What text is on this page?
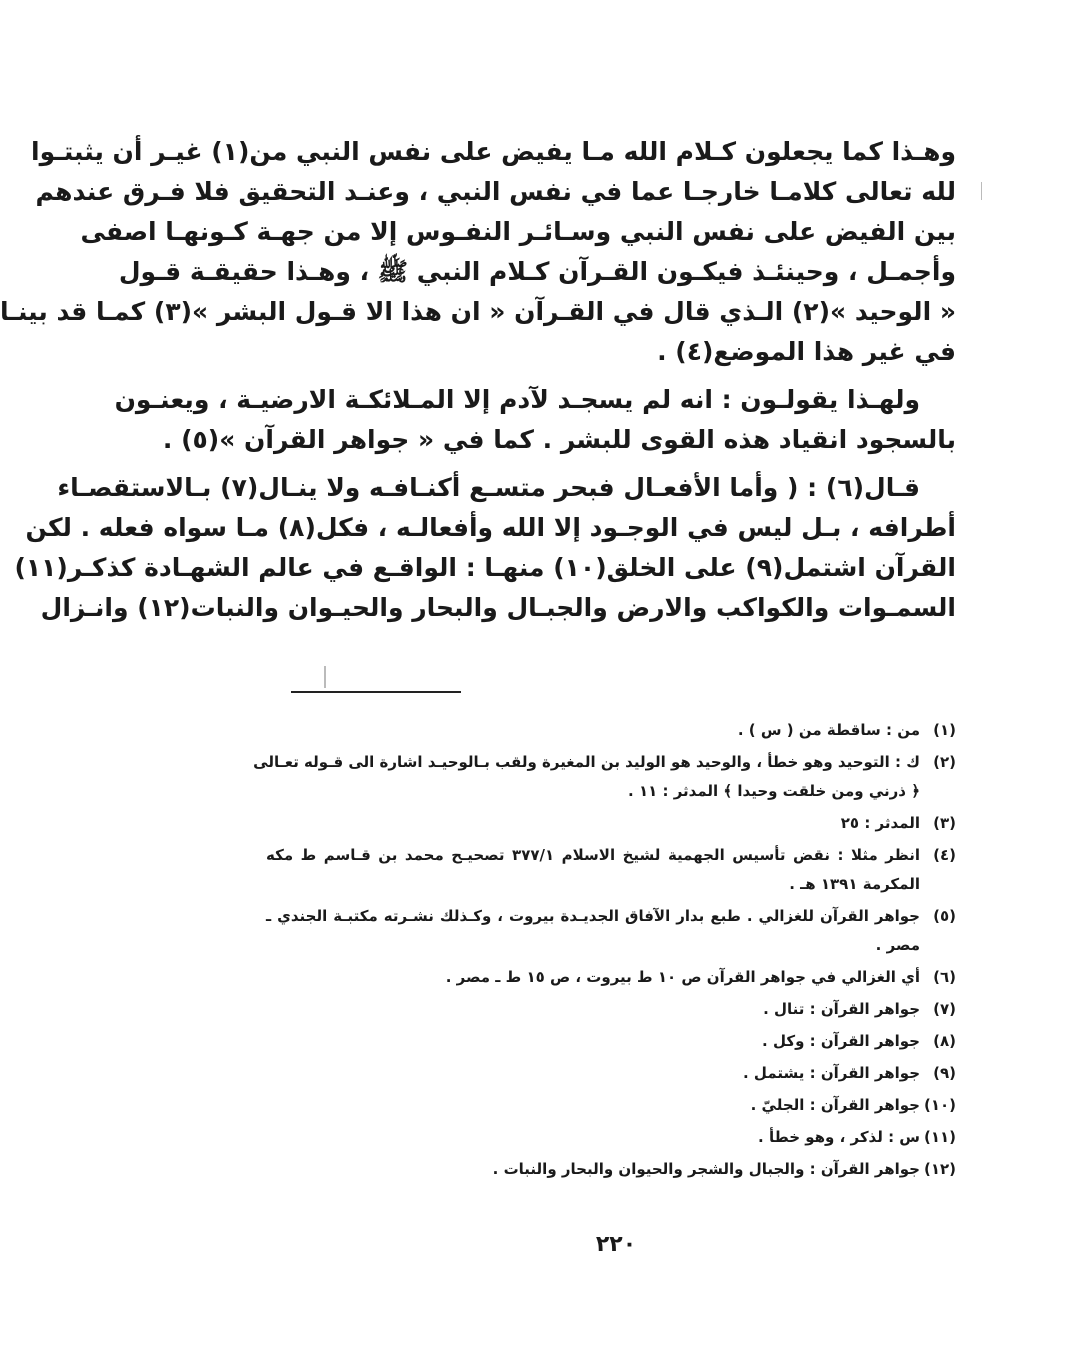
وهـذا كما يجعلون كـلام الله مـا يفيض على نفس النبي من(١) غيـر أن يثبتـوا
لله تعالى كلامـا خارجـا عما في نفس النبي ، وعنـد التحقيق فلا فـرق عندهم
بين الفيض على نفس النبي وسـائـر النفـوس إلا من جهـة كـونهـا اصفى
وأجمـل ، وحينئـذ فيكـون القـرآن كـلام النبي ﷺ ، وهـذا حقيقـة قـول
« الوحيد »(٢) الـذي قال في القـرآن « ان هذا الا قـول البشر »(٣) كمـا قد بينـا
في غير هذا الموضع(٤) .
ولهـذا يقولـون : انه لم يسجـد لآدم إلا المـلائكـة الارضيـة ، ويعنـون
بالسجود انقياد هذه القوى للبشر . كما في « جواهر القرآن »(٥) .
قـال(٦) : ( وأما الأفعـال فبحر متسـع أكنـافـه ولا ينـال(٧) بـالاستقصـاء
أطرافه ، بـل ليس في الوجـود إلا الله وأفعالـه ، فكل(٨) مـا سواه فعله . لكن
القرآن اشتمل(٩) على الخلق(١٠) منهـا : الواقـع في عالم الشهـادة كذكـر(١١)
السمـوات والكواكب والارض والجبـال والبحار والحيـوان والنبات(١٢) وانـزال
(١)
من : ساقطة من ( س ) .
(٢)
ك : التوحيد وهو خطأ ، والوحيد هو الوليد بن المغيرة ولقب بـالوحيـد اشارة الى قـوله تعـالى
﴿ ذرني ومن خلقت وحيدا ﴾ المدثر : ١١ .
(٣)
المدثر : ٢٥
(٤)
انظر مثلا : نقض تأسيس الجهمية لشيخ الاسلام ٣٧٧/١ تصحيـح محمد بن قـاسم ط مكه
المكرمة ١٣٩١ هـ .
(٥)
جواهر القرآن للغزالي . طبع بدار الآفاق الجديـدة بيروت ، وكـذلك نشـرته مكتبـة الجندي ـ
مصر .
(٦)
أي الغزالي في جواهر القرآن ص ١٠ ط بيروت ، ص ١٥ ط ـ مصر .
(٧)
جواهر القرآن : تنال .
(٨)
جواهر القرآن : وكل .
(٩)
جواهر القرآن : يشتمل .
(١٠)
جواهر القرآن : الجليّ .
(١١)
س : لذكر ، وهو خطأ .
(١٢)
جواهر القرآن : والجبال والشجر والحيوان والبحار والنبات .
٢٢٠
